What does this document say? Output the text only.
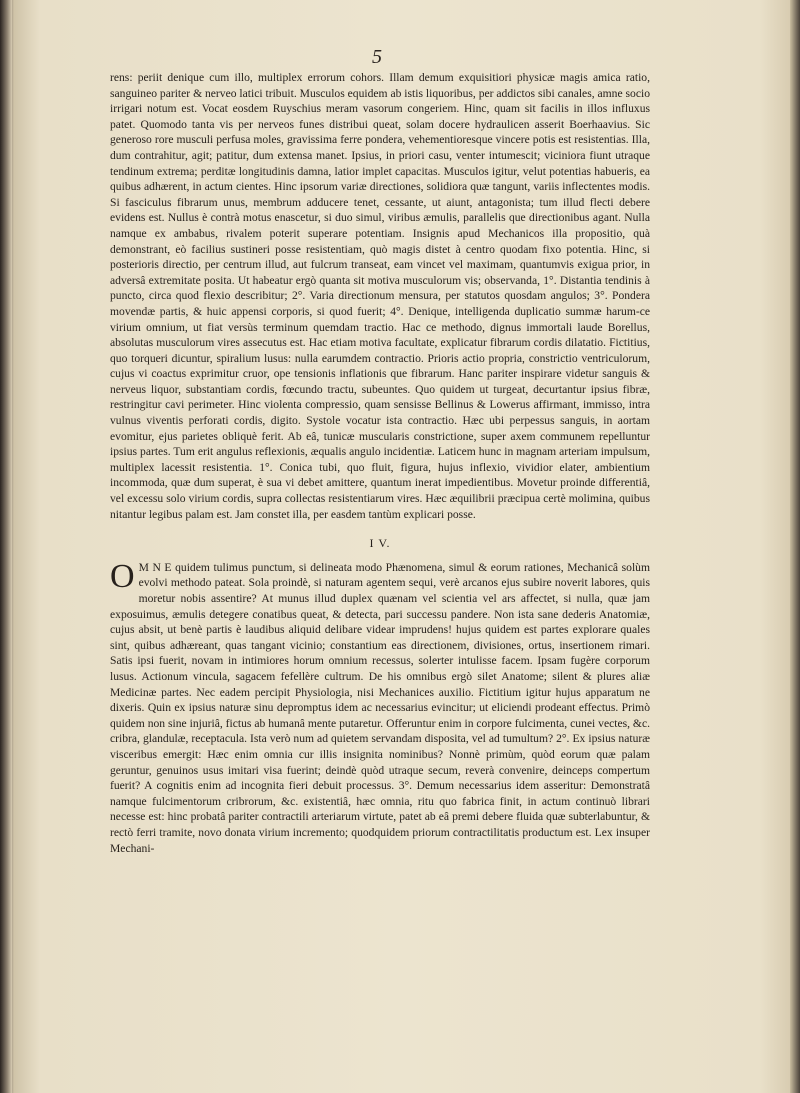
5

rens: periit denique cum illo, multiplex errorum cohors. Illam demum exquisitiori physicæ magis amica ratio, sanguineo pariter & nerveo latici tribuit. Musculos equidem ab istis liquoribus, per addictos sibi canales, amne socio irrigari notum est. Vocat eosdem Ruyschius meram vasorum congeriem. Hinc, quam sit facilis in illos influxus patet. Quomodo tanta vis per nerveos funes distribui queat, solam docere hydraulicen asserit Boerhaavius. Sic generoso rore musculi perfusa moles, gravissima ferre pondera, vehementioresque vincere potis est resistentias. Illa, dum contrahitur, agit; patitur, dum extensa manet. Ipsius, in priori casu, venter intumescit; viciniora fiunt utraque tendinum extrema; perditæ longitudinis damna, latior implet capacitas. Musculos igitur, velut potentias habueris, ea quibus adhærent, in actum cientes. Hinc ipsorum variæ directiones, solidiora quæ tangunt, variis inflectentes modis. Si fasciculus fibrarum unus, membrum adducere tenet, cessante, ut aiunt, antagonista; tum illud flecti debere evidens est. Nullus è contrà motus enascetur, si duo simul, viribus æmulis, parallelis que directionibus agant. Nulla namque ex ambabus, rivalem poterit superare potentiam. Insignis apud Mechanicos illa propositio, quà demonstrant, eò facilius sustineri posse resistentiam, quò magis distet à centro quodam fixo potentia. Hinc, si posterioris directio, per centrum illud, aut fulcrum transeat, eam vincet vel maximam, quantumvis exigua prior, in adversâ extremitate posita. Ut habeatur ergò quanta sit motiva musculorum vis; observanda, 1°. Distantia tendinis à puncto, circa quod flexio describitur; 2°. Varia directionum mensura, per statutos quosdam angulos; 3°. Pondera movendæ partis, & huic appensi corporis, si quod fuerit; 4°. Denique, intelligenda duplicatio summæ harum-ce virium omnium, ut fiat versùs terminum quemdam tractio. Hac ce methodo, dignus immortali laude Borellus, absolutas musculorum vires assecutus est. Hac etiam motiva facultate, explicatur fibrarum cordis dilatatio. Fictitius, quo torqueri dicuntur, spiralium lusus: nulla earumdem contractio. Prioris actio propria, constrictio ventriculorum, cujus vi coactus exprimitur cruor, ope tensionis inflationis que fibrarum. Hanc pariter inspirare videtur sanguis & nerveus liquor, substantiam cordis, fœcundo tractu, subeuntes. Quo quidem ut turgeat, decurtantur ipsius fibræ, restringitur cavi perimeter. Hinc violenta compressio, quam sensisse Bellinus & Lowerus affirmant, immisso, intra vulnus viventis perforati cordis, digito. Systole vocatur ista contractio. Hæc ubi perpessus sanguis, in aortam evomitur, ejus parietes obliquè ferit. Ab eâ, tunicæ muscularis constrictione, super axem communem repelluntur ipsius partes. Tum erit angulus reflexionis, æqualis angulo incidentiæ. Laticem hunc in magnam arteriam impulsum, multiplex lacessit resistentia. 1°. Conica tubi, quo fluit, figura, hujus inflexio, vividior elater, ambientium incommoda, quæ dum superat, è sua vi debet amittere, quantum inerat impedientibus. Movetur proinde differentiâ, vel excessu solo virium cordis, supra collectas resistentiarum vires. Hæc æquilibrii præcipua certè molimina, quibus nitantur legibus palam est. Jam constet illa, per easdem tantùm explicari posse.

I V.

O M N E quidem tulimus punctum, si delineata modo Phænomena, simul & eorum rationes, Mechanicâ solùm evolvi methodo pateat. Sola proindè, si naturam agentem sequi, verè arcanos ejus subire noverit labores, quis moretur nobis assentire? At munus illud duplex quænam vel scientia vel ars affectet, si nulla, quæ jam exposuimus, æmulis detegere conatibus queat, & detecta, pari successu pandere. Non ista sane dederis Anatomiæ, cujus absit, ut benè partis è laudibus aliquid delibare videar imprudens! hujus quidem est partes explorare quales sint, quibus adhæreant, quas tangant vicinio; constantium eas directionem, divisiones, ortus, insertionem rimari. Satis ipsi fuerit, novam in intimiores horum omnium recessus, solerter intulisse facem. Ipsam fugère corporum lusus. Actionum vincula, sagacem fefellère cultrum. De his omnibus ergò silet Anatome; silent & plures aliæ Medicinæ partes. Nec eadem percipit Physiologia, nisi Mechanices auxilio. Fictitium igitur hujus apparatum ne dixeris. Quin ex ipsius naturæ sinu depromptus idem ac necessarius evincitur; ut eliciendi prodeant effectus. Primò quidem non sine injuriâ, fictus ab humanâ mente putaretur. Offeruntur enim in corpore fulcimenta, cunei vectes, &c. cribra, glandulæ, receptacula. Ista verò num ad quietem servandam disposita, vel ad tumultum? 2°. Ex ipsius naturæ visceribus emergit: Hæc enim omnia cur illis insignita nominibus? Nonnè primùm, quòd eorum quæ palam geruntur, genuinos usus imitari visa fuerint; deindè quòd utraque secum, reverà convenire, deinceps compertum fuerit? A cognitis enim ad incognita fieri debuit processus. 3°. Demum necessarius idem asseritur: Demonstratâ namque fulcimentorum cribrorum, &c. existentiâ, hæc omnia, ritu quo fabrica finit, in actum continuò librari necesse est: hinc probatâ pariter contractili arteriarum virtute, patet ab eâ premi debere fluida quæ subterlabuntur, & rectò ferri tramite, novo donata virium incremento; quodquidem priorum contractilitatis productum est. Lex insuper Mechani-
